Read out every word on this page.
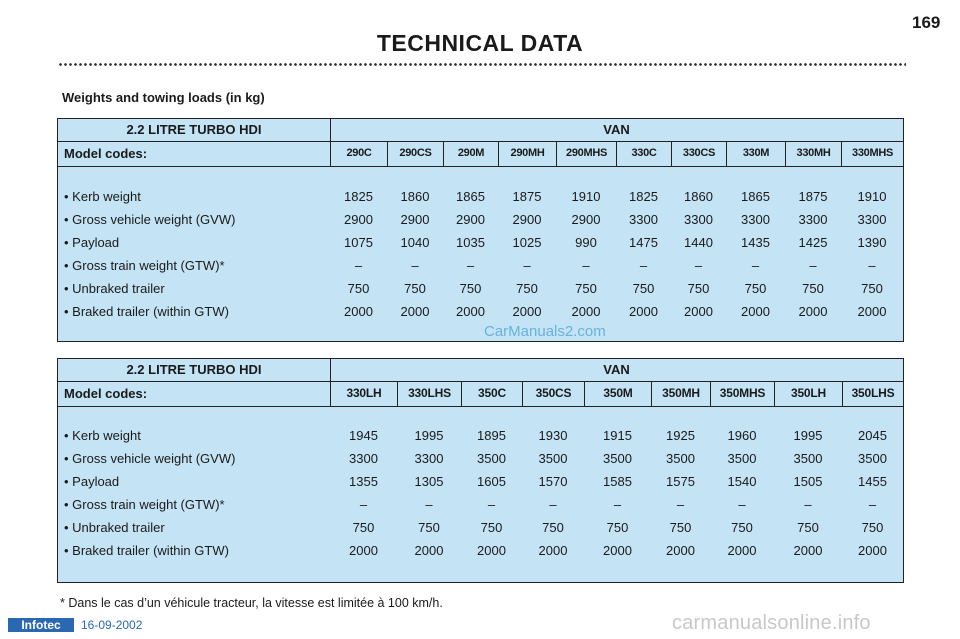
169
TECHNICAL DATA
Weights and towing loads (in kg)
2.2 LITRE TURBO HDI	VAN
Model codes:	290C	290CS	290M	290MH	290MHS	330C	330CS	330M	330MH	330MHS
• Kerb weight	1825	1860	1865	1875	1910	1825	1860	1865	1875	1910
• Gross vehicle weight (GVW)	2900	2900	2900	2900	2900	3300	3300	3300	3300	3300
• Payload	1075	1040	1035	1025	990	1475	1440	1435	1425	1390
• Gross train weight (GTW)*	–	–	–	–	–	–	–	–	–	–
• Unbraked trailer	750	750	750	750	750	750	750	750	750	750
• Braked trailer (within GTW)	2000	2000	2000	2000	2000	2000	2000	2000	2000	2000
2.2 LITRE TURBO HDI	VAN
Model codes:	330LH	330LHS	350C	350CS	350M	350MH	350MHS	350LH	350LHS
• Kerb weight	1945	1995	1895	1930	1915	1925	1960	1995	2045
• Gross vehicle weight (GVW)	3300	3300	3500	3500	3500	3500	3500	3500	3500
• Payload	1355	1305	1605	1570	1585	1575	1540	1505	1455
• Gross train weight (GTW)*	–	–	–	–	–	–	–	–	–
• Unbraked trailer	750	750	750	750	750	750	750	750	750
• Braked trailer (within GTW)	2000	2000	2000	2000	2000	2000	2000	2000	2000
CarManuals2.com
* Dans le cas d’un véhicule tracteur, la vitesse est limitée à 100 km/h.
Infotec	16-09-2002	carmanualsonline.info
